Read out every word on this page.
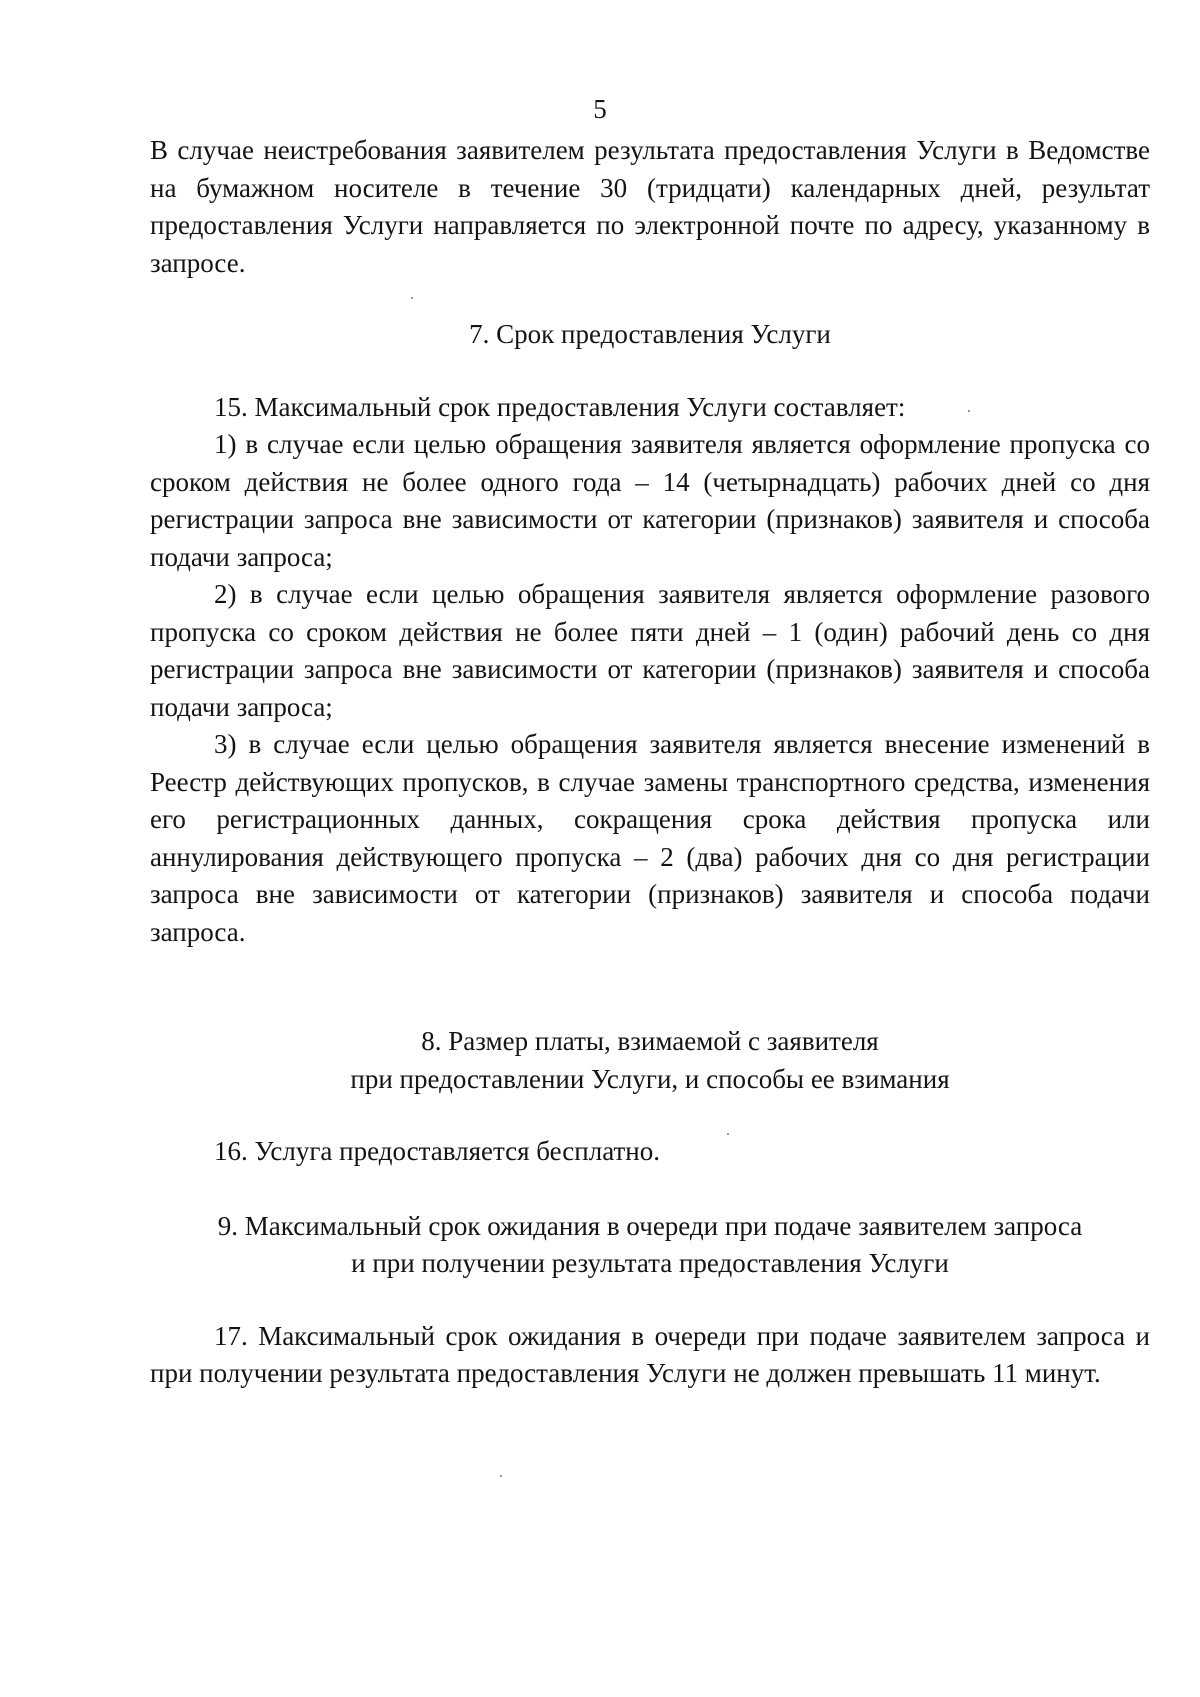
5

В случае неистребования заявителем результата предоставления Услуги в Ведомстве на бумажном носителе в течение 30 (тридцати) календарных дней, результат предоставления Услуги направляется по электронной почте по адресу, указанному в запросе.

7. Срок предоставления Услуги

15. Максимальный срок предоставления Услуги составляет:

1) в случае если целью обращения заявителя является оформление пропуска со сроком действия не более одного года – 14 (четырнадцать) рабочих дней со дня регистрации запроса вне зависимости от категории (признаков) заявителя и способа подачи запроса;

2) в случае если целью обращения заявителя является оформление разового пропуска со сроком действия не более пяти дней – 1 (один) рабочий день со дня регистрации запроса вне зависимости от категории (признаков) заявителя и способа подачи запроса;

3) в случае если целью обращения заявителя является внесение изменений в Реестр действующих пропусков, в случае замены транспортного средства, изменения его регистрационных данных, сокращения срока действия пропуска или аннулирования действующего пропуска – 2 (два) рабочих дня со дня регистрации запроса вне зависимости от категории (признаков) заявителя и способа подачи запроса.

8. Размер платы, взимаемой с заявителя
при предоставлении Услуги, и способы ее взимания

16. Услуга предоставляется бесплатно.

9. Максимальный срок ожидания в очереди при подаче заявителем запроса
и при получении результата предоставления Услуги

17. Максимальный срок ожидания в очереди при подаче заявителем запроса и при получении результата предоставления Услуги не должен превышать 11 минут.
